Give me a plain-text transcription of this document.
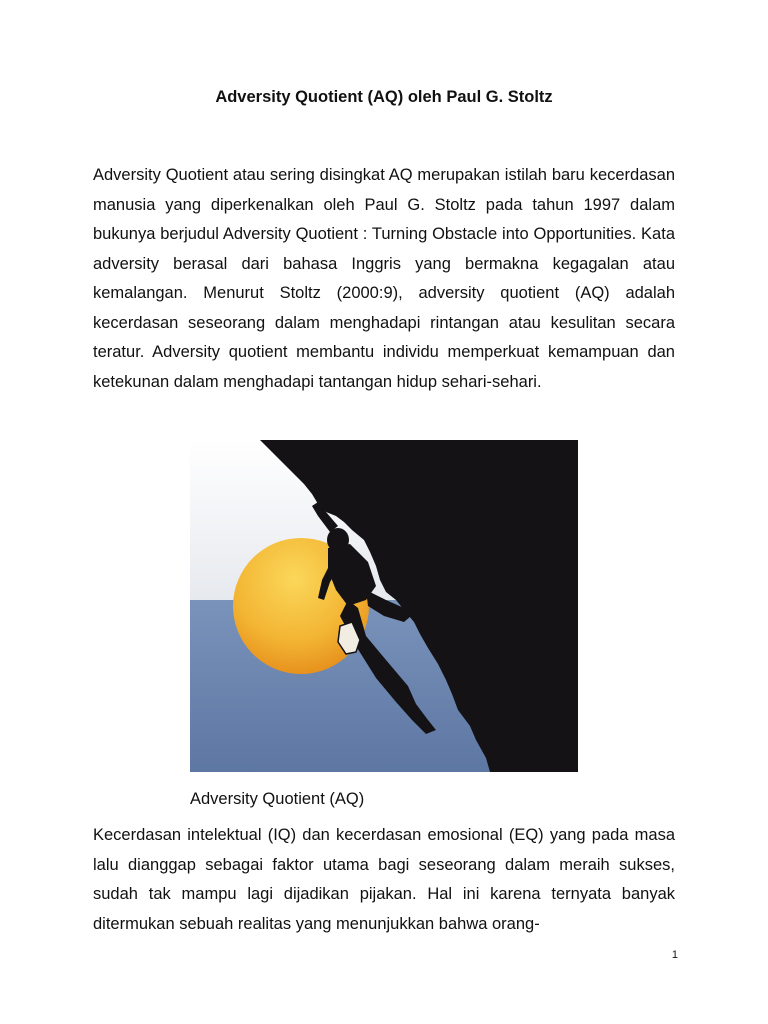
Adversity Quotient (AQ) oleh Paul G. Stoltz

Adversity Quotient atau sering disingkat AQ merupakan istilah baru kecerdasan manusia yang diperkenalkan oleh Paul G. Stoltz pada tahun 1997 dalam bukunya berjudul Adversity Quotient : Turning Obstacle into Opportunities. Kata adversity berasal dari bahasa Inggris yang bermakna kegagalan atau kemalangan. Menurut Stoltz (2000:9), adversity quotient (AQ) adalah kecerdasan seseorang dalam menghadapi rintangan atau kesulitan secara teratur. Adversity quotient membantu individu memperkuat kemampuan dan ketekunan dalam menghadapi tantangan hidup sehari-sehari.

Adversity Quotient (AQ)

Kecerdasan intelektual (IQ) dan kecerdasan emosional (EQ) yang pada masa lalu dianggap sebagai faktor utama bagi seseorang dalam meraih sukses, sudah tak mampu lagi dijadikan pijakan. Hal ini karena ternyata banyak ditermukan sebuah realitas yang menunjukkan bahwa orang-

1
